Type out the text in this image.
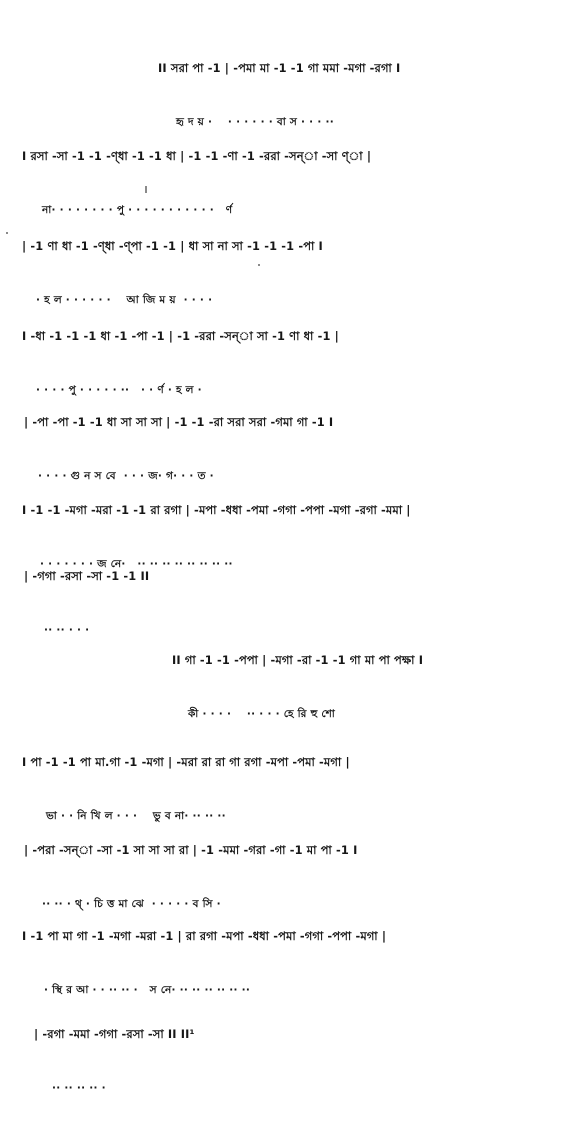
II সরা পা -1 | -পমা মা -1 -1 গা মমা -মগা -রগা I

হৃ দ য় ·    · · · · · · বা স · · · ··

I রসা -সা -1 -1 -ণ্ধা -1 -1 ধা | -1 -1 -ণা -1 -ররা -সন্া -সা ণ্া |

না· · · · · · · · পু · · · · · · · · · · ·   ৰ্ণ

| -1 ণা ধা -1 -ণ্ধা -ণ্পা -1 -1 | ধা সা না সা -1 -1 -1 -পা I

· হ ল · · · · · ·    আ জি ম য়  · · · ·

I -ধা -1 -1 -1 ধা -1 -পা -1 | -1 -ররা -সন্া সা -1 ণা ধা -1 |

· · · · পু · · · · · ··   · · র্ণ · হ ল ·

| -পা -পা -1 -1 ধা সা সা সা | -1 -1 -রা সরা সরা -গমা গা -1 I

· · · · গু ন স বে  · · · জ· গ· · · ত ·

I -1 -1 -মগা -মরা -1 -1 রা রগা | -মপা -ধধা -পমা -গগা -পপা -মগা -রগা -মমা |

· · · · · · · জ নে·   ·· ·· ·· ·· ·· ·· ·· ··

| -গগা -রসা -সা -1 -1 II

·· ·· · · ·

II গা -1 -1 -পপা | -মগা -রা -1 -1 গা মা পা পক্ষা I

কী · · · ·    ·· · · · হে রি হু শো

I পা -1 -1 পা মা.গা -1 -মগা | -মরা রা রা গা রগা -মপা -পমা -মগা |

ভা · · নি খি ল · · ·    ভু ব না· ·· ·· ··

| -পরা -সন্া -সা -1 সা সা সা রা | -1 -মমা -গরা -গা -1 মা পা -1 I

·· ·· · থ্ · চি ত্ত মা ঝে  · · · · · ব সি ·

I -1 পা মা গা -1 -মগা -মরা -1 | রা রগা -মপা -ধধা -পমা -গগা -পপা -মগা |

· স্থি র আ · · ·· ·· ·   স নে· ·· ·· ·· ·· ·· ··

| -রগা -মমা -গগা -রসা -সা II II¹

·· ·· ·· ·· ·
